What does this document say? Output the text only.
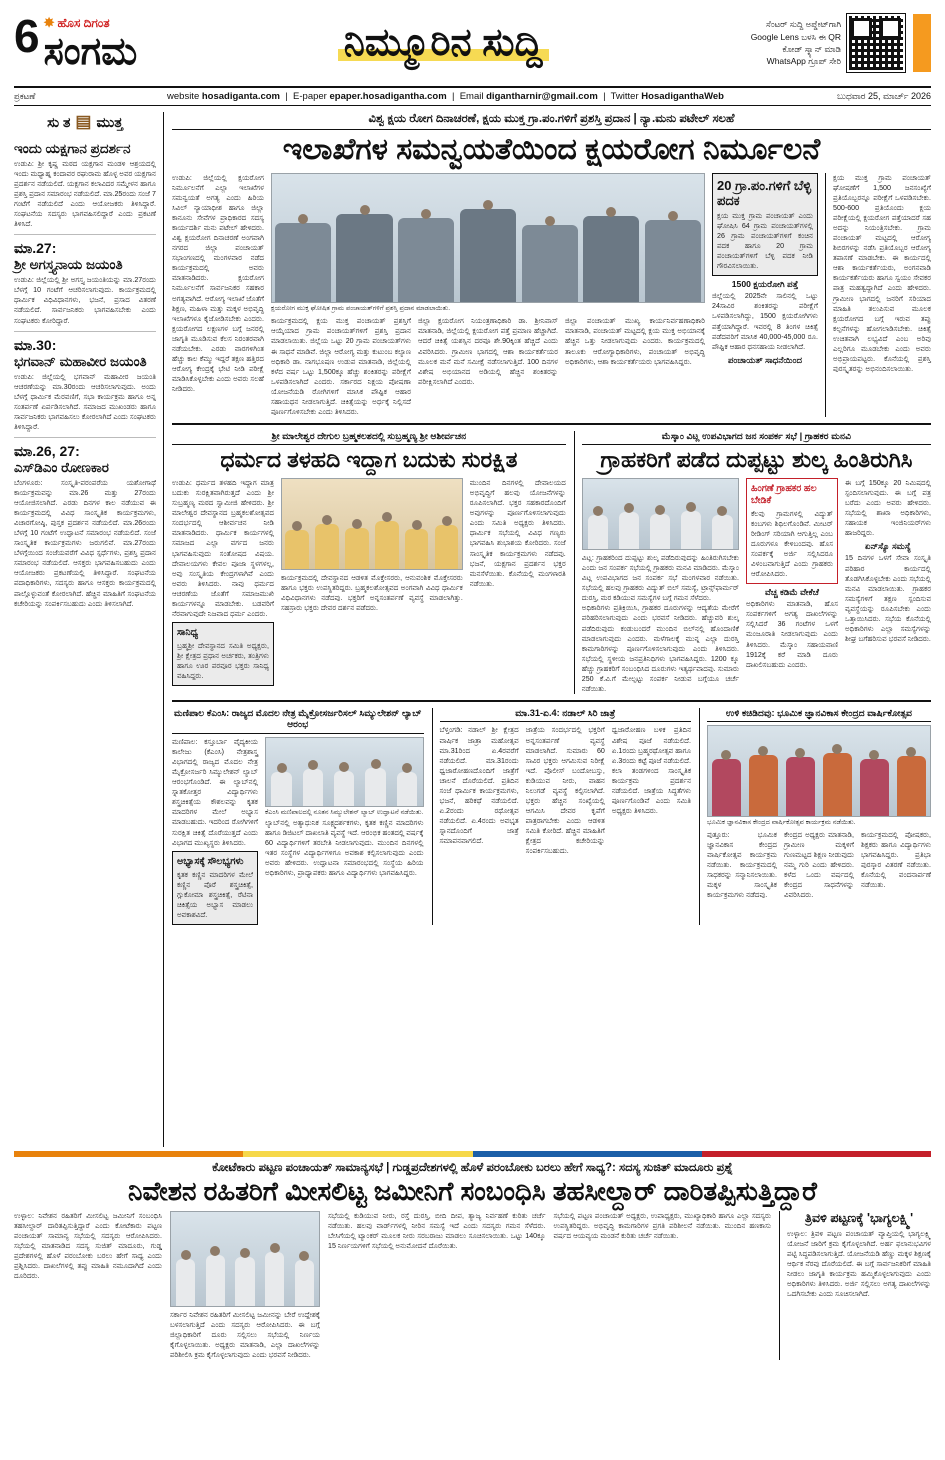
6 ✸ ಹೊಸ ದಿಗಂತ
ಸಂಗಮ	ನಿಮ್ಮೂರಿನ ಸುದ್ದಿ	ಸೆಂಟರ್ ಸುದ್ದಿ ಅಪ್ಡೇಟ್‌ಗಾಗಿ Google Lens ಬಳಸಿ ಈ QR ಕೋಡ್ ಸ್ಕ್ಯಾನ್ ಮಾಡಿ WhatsApp ಗ್ರೂಪ್ ಸೇರಿ
ಪ್ರಕಟಣೆ	website hosadiganta.com  |  E-paper epaper.hosadigantha.com  |  Email digantharnir@gmail.com  |  Twitter HosadiganthaWeb	ಬುಧವಾರ 25, ಮಾರ್ಚ್ 2026
ಸು ತ ▤ ಮುತ್ತ
ಇಂದು ಯಕ್ಷಗಾನ ಪ್ರದರ್ಶನ
ಉಡುಪಿ: ಶ್ರೀ ಕೃಷ್ಣ ಮಠದ ಯಕ್ಷಗಾನ ಮಂಡಳಿ ಆಶ್ರಯದಲ್ಲಿ ಇಂದು ಮಧ್ಯಾಹ್ನ ಕಂದಾವರ ರಘುರಾಮ ಹೊಳ್ಳ ಅವರ ಯಕ್ಷಗಾನ ಪ್ರದರ್ಶನ ನಡೆಯಲಿದೆ. ಯಕ್ಷಗಾನ ಕಲಾವಿದರ ಸಮ್ಮೇಳನ ಹಾಗೂ ಪ್ರಶಸ್ತಿ ಪ್ರದಾನ ಸಮಾರಂಭ ನಡೆಯಲಿದೆ. ಮಾ.25ರಂದು ಸಂಜೆ 7 ಗಂಟೆಗೆ ನಡೆಯಲಿದೆ ಎಂದು ಆಯೋಜಕರು ತಿಳಿಸಿದ್ದಾರೆ. ಸಂಘಟನೆಯ ಸದಸ್ಯರು ಭಾಗವಹಿಸಲಿದ್ದಾರೆ ಎಂದು ಪ್ರಕಟಣೆ ತಿಳಿಸಿದೆ.
ಮಾ.27:
ಶ್ರೀ ಅಗಸ್ತ್ಯನಾಯ ಜಯಂತಿ
ಉಡುಪಿ: ಜಿಲ್ಲೆಯಲ್ಲಿ ಶ್ರೀ ಅಗಸ್ತ್ಯ ಜಯಂತಿಯನ್ನು ಮಾ.27ರಂದು ಬೆಳಗ್ಗೆ 10 ಗಂಟೆಗೆ ಆಚರಿಸಲಾಗುವುದು. ಕಾರ್ಯಕ್ರಮದಲ್ಲಿ ಧಾರ್ಮಿಕ ವಿಧಿವಿಧಾನಗಳು, ಭಜನೆ, ಪ್ರಸಾದ ವಿತರಣೆ ನಡೆಯಲಿದೆ. ಸಾರ್ವಜನಿಕರು ಭಾಗವಹಿಸಬೇಕು ಎಂದು ಸಂಘಟಕರು ಕೋರಿದ್ದಾರೆ.
ಮಾ.30:
ಭಗವಾನ್ ಮಹಾವೀರ ಜಯಂತಿ
ಉಡುಪಿ: ಜಿಲ್ಲೆಯಲ್ಲಿ ಭಗವಾನ್ ಮಹಾವೀರ ಜಯಂತಿ ಆಚರಣೆಯನ್ನು ಮಾ.30ರಂದು ಆಚರಿಸಲಾಗುವುದು. ಅಂದು ಬೆಳಗ್ಗೆ ಧಾರ್ಮಿಕ ಮೆರವಣಿಗೆ, ಸಭಾ ಕಾರ್ಯಕ್ರಮ ಹಾಗೂ ಅನ್ನ ಸಂತರ್ಪಣೆ ಏರ್ಪಡಿಸಲಾಗಿದೆ. ಸಮಾಜದ ಮುಖಂಡರು ಹಾಗೂ ಸಾರ್ವಜನಿಕರು ಭಾಗವಹಿಸಲು ಕೋರಲಾಗಿದೆ ಎಂದು ಸಂಘಟಕರು ತಿಳಿಸಿದ್ದಾರೆ.
ಮಾ.26, 27:
ಎಸ್‌ಡಿಎಂ ರೋಣಕಾರ
ಬೆಂಗಳೂರು: ಸಂಸ್ಕೃತಿ-ಪರಂಪರೆಯ ಯಶೋಗಾಥೆ ಕಾರ್ಯಕ್ರಮವನ್ನು ಮಾ.26 ಮತ್ತು 27ರಂದು ಆಯೋಜಿಸಲಾಗಿದೆ. ಎರಡು ದಿನಗಳ ಕಾಲ ನಡೆಯುವ ಈ ಕಾರ್ಯಕ್ರಮದಲ್ಲಿ ವಿವಿಧ ಸಾಂಸ್ಕೃತಿಕ ಕಾರ್ಯಕ್ರಮಗಳು, ವಿಚಾರಗೋಷ್ಠಿ, ಪುಸ್ತಕ ಪ್ರದರ್ಶನ ನಡೆಯಲಿದೆ. ಮಾ.26ರಂದು ಬೆಳಗ್ಗೆ 10 ಗಂಟೆಗೆ ಉದ್ಘಾಟನೆ ಸಮಾರಂಭ ನಡೆಯಲಿದೆ. ಸಂಜೆ ಸಾಂಸ್ಕೃತಿಕ ಕಾರ್ಯಕ್ರಮಗಳು ಜರುಗಲಿವೆ. ಮಾ.27ರಂದು ಬೆಳಗ್ಗೆಯಿಂದ ಸಂಜೆಯವರೆಗೆ ವಿವಿಧ ಸ್ಪರ್ಧೆಗಳು, ಪ್ರಶಸ್ತಿ ಪ್ರದಾನ ಸಮಾರಂಭ ನಡೆಯಲಿದೆ. ಆಸಕ್ತರು ಭಾಗವಹಿಸಬಹುದು ಎಂದು ಆಯೋಜಕರು ಪ್ರಕಟಣೆಯಲ್ಲಿ ತಿಳಿಸಿದ್ದಾರೆ. ಸಂಘಟನೆಯ ಪದಾಧಿಕಾರಿಗಳು, ಸದಸ್ಯರು ಹಾಗೂ ಆಸಕ್ತರು ಕಾರ್ಯಕ್ರಮದಲ್ಲಿ ಪಾಲ್ಗೊಳ್ಳುವಂತೆ ಕೋರಲಾಗಿದೆ. ಹೆಚ್ಚಿನ ಮಾಹಿತಿಗೆ ಸಂಘಟನೆಯ ಕಚೇರಿಯನ್ನು ಸಂಪರ್ಕಿಸಬಹುದು ಎಂದು ತಿಳಿಸಲಾಗಿದೆ.
ವಿಶ್ವ ಕ್ಷಯ ರೋಗ ದಿನಾಚರಣೆ, ಕ್ಷಯ ಮುಕ್ತ ಗ್ರಾ.ಪಂ.ಗಳಿಗೆ ಪ್ರಶಸ್ತಿ ಪ್ರದಾನ | ನ್ಯಾ.ಮನು ಪಟೇಲ್ ಸಲಹೆ
ಇಲಾಖೆಗಳ ಸಮನ್ವಯತೆಯಿಂದ ಕ್ಷಯರೋಗ ನಿರ್ಮೂಲನೆ
ಉಡುಪಿ: ಜಿಲ್ಲೆಯಲ್ಲಿ ಕ್ಷಯರೋಗ ನಿರ್ಮೂಲನೆಗೆ ಎಲ್ಲಾ ಇಲಾಖೆಗಳ ಸಮನ್ವಯತೆ ಅಗತ್ಯ ಎಂದು ಹಿರಿಯ ಸಿವಿಲ್ ನ್ಯಾಯಾಧೀಶ ಹಾಗೂ ಜಿಲ್ಲಾ ಕಾನೂನು ಸೇವೆಗಳ ಪ್ರಾಧಿಕಾರದ ಸದಸ್ಯ ಕಾರ್ಯದರ್ಶಿ ಮನು ಪಟೇಲ್ ಹೇಳಿದರು. ವಿಶ್ವ ಕ್ಷಯರೋಗ ದಿನಾಚರಣೆ ಅಂಗವಾಗಿ ನಗರದ ಜಿಲ್ಲಾ ಪಂಚಾಯತ್ ಸಭಾಂಗಣದಲ್ಲಿ ಮಂಗಳವಾರ ನಡೆದ ಕಾರ್ಯಕ್ರಮದಲ್ಲಿ ಅವರು ಮಾತನಾಡಿದರು. ಕ್ಷಯರೋಗ ನಿರ್ಮೂಲನೆಗೆ ಸಾರ್ವಜನಿಕರ ಸಹಕಾರ ಅಗತ್ಯವಾಗಿದೆ. ಆರೋಗ್ಯ ಇಲಾಖೆ ಜೊತೆಗೆ ಶಿಕ್ಷಣ, ಮಹಿಳಾ ಮತ್ತು ಮಕ್ಕಳ ಅಭಿವೃದ್ಧಿ ಇಲಾಖೆಗಳೂ ಕೈಜೋಡಿಸಬೇಕು ಎಂದರು. ಕ್ಷಯರೋಗದ ಲಕ್ಷಣಗಳ ಬಗ್ಗೆ ಜನರಲ್ಲಿ ಜಾಗೃತಿ ಮೂಡಿಸುವ ಕೆಲಸ ನಿರಂತರವಾಗಿ ನಡೆಯಬೇಕು. ಎರಡು ವಾರಗಳಿಗಿಂತ ಹೆಚ್ಚು ಕಾಲ ಕೆಮ್ಮು ಇದ್ದರೆ ತಕ್ಷಣ ಹತ್ತಿರದ ಆರೋಗ್ಯ ಕೇಂದ್ರಕ್ಕೆ ಭೇಟಿ ನೀಡಿ ಪರೀಕ್ಷೆ ಮಾಡಿಸಿಕೊಳ್ಳಬೇಕು ಎಂದು ಅವರು ಸಲಹೆ ನೀಡಿದರು.
ಕ್ಷಯರೋಗ ಮುಕ್ತ ಘೋಷಿತ ಗ್ರಾಮ ಪಂಚಾಯತ್‌ಗಳಿಗೆ ಪ್ರಶಸ್ತಿ ಪ್ರದಾನ ಮಾಡಲಾಯಿತು.
ಕಾರ್ಯಕ್ರಮದಲ್ಲಿ ಕ್ಷಯ ಮುಕ್ತ ಪಂಚಾಯತ್ ಪ್ರಶಸ್ತಿಗೆ ಆಯ್ಕೆಯಾದ ಗ್ರಾಮ ಪಂಚಾಯತ್‌ಗಳಿಗೆ ಪ್ರಶಸ್ತಿ ಪ್ರದಾನ ಮಾಡಲಾಯಿತು. ಜಿಲ್ಲೆಯ ಒಟ್ಟು 20 ಗ್ರಾಮ ಪಂಚಾಯತ್‌ಗಳು ಈ ಸಾಧನೆ ಮಾಡಿವೆ. ಜಿಲ್ಲಾ ಆರೋಗ್ಯ ಮತ್ತು ಕುಟುಂಬ ಕಲ್ಯಾಣ ಅಧಿಕಾರಿ ಡಾ. ನಾಗಭೂಷಣ ಉಡುಪ ಮಾತನಾಡಿ, ಜಿಲ್ಲೆಯಲ್ಲಿ ಕಳೆದ ವರ್ಷ ಒಟ್ಟು 1,500ಕ್ಕೂ ಹೆಚ್ಚು ಶಂಕಿತರನ್ನು ಪರೀಕ್ಷೆಗೆ ಒಳಪಡಿಸಲಾಗಿದೆ ಎಂದರು. ಸರ್ಕಾರದ ನಿಕ್ಷಯ ಪೋಷಣಾ ಯೋಜನೆಯಡಿ ರೋಗಿಗಳಿಗೆ ಮಾಸಿಕ ಪೌಷ್ಟಿಕ ಆಹಾರ ಸಹಾಯಧನ ನೀಡಲಾಗುತ್ತಿದೆ. ಚಿಕಿತ್ಸೆಯನ್ನು ಅರ್ಧಕ್ಕೆ ನಿಲ್ಲಿಸದೆ ಪೂರ್ಣಗೊಳಿಸಬೇಕು ಎಂದು ತಿಳಿಸಿದರು.
ಜಿಲ್ಲಾ ಕ್ಷಯರೋಗ ನಿಯಂತ್ರಣಾಧಿಕಾರಿ ಡಾ. ಶ್ರೀನಿವಾಸ್ ಮಾತನಾಡಿ, ಜಿಲ್ಲೆಯಲ್ಲಿ ಕ್ಷಯರೋಗ ಪತ್ತೆ ಪ್ರಮಾಣ ಹೆಚ್ಚಾಗಿದೆ. ಆದರೆ ಚಿಕಿತ್ಸೆ ಯಶಸ್ಸಿನ ದರವೂ ಶೇ.90ಕ್ಕಿಂತ ಹೆಚ್ಚಿದೆ ಎಂದು ವಿವರಿಸಿದರು. ಗ್ರಾಮೀಣ ಭಾಗದಲ್ಲಿ ಆಶಾ ಕಾರ್ಯಕರ್ತೆಯರ ಮೂಲಕ ಮನೆ ಮನೆ ಸಮೀಕ್ಷೆ ನಡೆಸಲಾಗುತ್ತಿದೆ. 100 ದಿನಗಳ ವಿಶೇಷ ಅಭಿಯಾನದ ಅಡಿಯಲ್ಲಿ ಹೆಚ್ಚಿನ ಶಂಕಿತರನ್ನು ಪರೀಕ್ಷಿಸಲಾಗಿದೆ ಎಂದರು.
ಜಿಲ್ಲಾ ಪಂಚಾಯತ್ ಮುಖ್ಯ ಕಾರ್ಯನಿರ್ವಹಣಾಧಿಕಾರಿ ಮಾತನಾಡಿ, ಪಂಚಾಯತ್ ಮಟ್ಟದಲ್ಲಿ ಕ್ಷಯ ಮುಕ್ತ ಅಭಿಯಾನಕ್ಕೆ ಹೆಚ್ಚಿನ ಒತ್ತು ನೀಡಲಾಗುವುದು ಎಂದರು. ಕಾರ್ಯಕ್ರಮದಲ್ಲಿ ತಾಲೂಕು ಆರೋಗ್ಯಾಧಿಕಾರಿಗಳು, ಪಂಚಾಯತ್ ಅಭಿವೃದ್ಧಿ ಅಧಿಕಾರಿಗಳು, ಆಶಾ ಕಾರ್ಯಕರ್ತೆಯರು ಭಾಗವಹಿಸಿದ್ದರು.
20 ಗ್ರಾ.ಪಂ.ಗಳಿಗೆ ಬೆಳ್ಳಿ ಪದಕ
ಕ್ಷಯ ಮುಕ್ತ ಗ್ರಾಮ ಪಂಚಾಯತ್ ಎಂದು ಘೋಷಿಸಿ 64 ಗ್ರಾಮ ಪಂಚಾಯತ್‌ಗಳಲ್ಲಿ 26 ಗ್ರಾಮ ಪಂಚಾಯತ್‌ಗಳಿಗೆ ಕಂಚಿನ ಪದಕ ಹಾಗೂ 20 ಗ್ರಾಮ ಪಂಚಾಯತ್‌ಗಳಿಗೆ ಬೆಳ್ಳಿ ಪದಕ ನೀಡಿ ಗೌರವಿಸಲಾಯಿತು.
1500 ಕ್ಷಯರೋಗಿ ಪತ್ತೆ
ಜಿಲ್ಲೆಯಲ್ಲಿ 2025ನೇ ಸಾಲಿನಲ್ಲಿ ಒಟ್ಟು 24ಸಾವಿರ ಶಂಕಿತರನ್ನು ಪರೀಕ್ಷೆಗೆ ಒಳಪಡಿಸಲಾಗಿದ್ದು, 1500 ಕ್ಷಯರೋಗಿಗಳು ಪತ್ತೆಯಾಗಿದ್ದಾರೆ. ಇವರಲ್ಲಿ 8 ತಿಂಗಳ ಚಿಕಿತ್ಸೆ ಪಡೆದವರಿಗೆ ಮಾಸಿಕ 40,000-45,000 ರೂ. ಪೌಷ್ಟಿಕ ಆಹಾರ ಧನಸಹಾಯ ನೀಡಲಾಗಿದೆ.
ಪಂಚಾಯತ್ ಸಾಧನೆಯಿಂದ
ಕ್ಷಯ ಮುಕ್ತ ಗ್ರಾಮ ಪಂಚಾಯತ್ ಘೋಷಣೆಗೆ 1,500 ಜನಸಂಖ್ಯೆಗೆ ಪ್ರತಿಯೊಬ್ಬರನ್ನೂ ಪರೀಕ್ಷೆಗೆ ಒಳಪಡಿಸಬೇಕು. 500-600 ಪ್ರತಿಯೊಂದು ಕ್ಷಯ ಪರೀಕ್ಷೆಯಲ್ಲಿ ಕ್ಷಯರೋಗ ಪತ್ತೆಯಾದರೆ ಸಹ ಅದನ್ನು ನಿಯಂತ್ರಿಸಬೇಕು. ಗ್ರಾಮ ಪಂಚಾಯತ್ ಮಟ್ಟದಲ್ಲಿ ಆರೋಗ್ಯ ಶಿಬಿರಗಳನ್ನು ನಡೆಸಿ ಪ್ರತಿಯೊಬ್ಬರ ಆರೋಗ್ಯ ತಪಾಸಣೆ ಮಾಡಬೇಕು. ಈ ಕಾರ್ಯದಲ್ಲಿ ಆಶಾ ಕಾರ್ಯಕರ್ತೆಯರು, ಅಂಗನವಾಡಿ ಕಾರ್ಯಕರ್ತೆಯರು ಹಾಗೂ ಸ್ವಯಂ ಸೇವಕರ ಪಾತ್ರ ಮಹತ್ವದ್ದಾಗಿದೆ ಎಂದು ಹೇಳಿದರು. ಗ್ರಾಮೀಣ ಭಾಗದಲ್ಲಿ ಜನರಿಗೆ ಸರಿಯಾದ ಮಾಹಿತಿ ತಲುಪಿಸುವ ಮೂಲಕ ಕ್ಷಯರೋಗದ ಬಗ್ಗೆ ಇರುವ ತಪ್ಪು ಕಲ್ಪನೆಗಳನ್ನು ಹೋಗಲಾಡಿಸಬೇಕು. ಚಿಕಿತ್ಸೆ ಉಚಿತವಾಗಿ ಲಭ್ಯವಿದೆ ಎಂಬ ಅರಿವು ಎಲ್ಲರಿಗೂ ಮೂಡಬೇಕು ಎಂದು ಅವರು ಅಭಿಪ್ರಾಯಪಟ್ಟರು. ಕೊನೆಯಲ್ಲಿ ಪ್ರಶಸ್ತಿ ಪುರಸ್ಕೃತರನ್ನು ಅಭಿನಂದಿಸಲಾಯಿತು.
ಶ್ರೀ ಮಾಲೇಶ್ವರ ದೇಗುಲ ಬ್ರಹ್ಮಕಲಶದಲ್ಲಿ ಸುಬ್ರಹ್ಮಣ್ಯ ಶ್ರೀ ಆಶೀರ್ವಚನ
ಧರ್ಮದ ತಳಹದಿ ಇದ್ದಾಗ ಬದುಕು ಸುರಕ್ಷಿತ
ಉಡುಪಿ: ಧರ್ಮದ ತಳಹದಿ ಇದ್ದಾಗ ಮಾತ್ರ ಬದುಕು ಸುರಕ್ಷಿತವಾಗಿರುತ್ತದೆ ಎಂದು ಶ್ರೀ ಸುಬ್ರಹ್ಮಣ್ಯ ಮಠದ ಸ್ವಾಮೀಜಿ ಹೇಳಿದರು. ಶ್ರೀ ಮಾಲೇಶ್ವರ ದೇವಸ್ಥಾನದ ಬ್ರಹ್ಮಕಲಶೋತ್ಸವದ ಸಂದರ್ಭದಲ್ಲಿ ಆಶೀರ್ವಚನ ನೀಡಿ ಮಾತನಾಡಿದರು. ಧಾರ್ಮಿಕ ಕಾರ್ಯಗಳಲ್ಲಿ ಸಮಾಜದ ಎಲ್ಲಾ ವರ್ಗದ ಜನರು ಭಾಗವಹಿಸುವುದು ಸಂತೋಷದ ವಿಷಯ. ದೇವಾಲಯಗಳು ಕೇವಲ ಪೂಜಾ ಸ್ಥಳಗಳಲ್ಲ, ಅವು ಸಂಸ್ಕೃತಿಯ ಕೇಂದ್ರಗಳಾಗಿವೆ ಎಂದು ಅವರು ತಿಳಿಸಿದರು. ನಾವು ಧರ್ಮದ ಆಚರಣೆಯ ಜೊತೆಗೆ ಸಮಾಜಮುಖಿ ಕಾರ್ಯಗಳನ್ನೂ ಮಾಡಬೇಕು. ಬಡವರಿಗೆ ನೆರವಾಗುವುದೇ ನಿಜವಾದ ಧರ್ಮ ಎಂದರು.
ಸಾನಿಧ್ಯ
ಬ್ರಹ್ಮಶ್ರೀ ದೇವಸ್ಥಾನದ ಸಮಿತಿ ಅಧ್ಯಕ್ಷರು, ಶ್ರೀ ಕ್ಷೇತ್ರದ ಪ್ರಧಾನ ಅರ್ಚಕರು, ತಂತ್ರಿಗಳು ಹಾಗೂ ಊರ ಪರವೂರ ಭಕ್ತರು ಸಾನಿಧ್ಯ ವಹಿಸಿದ್ದರು.
ಕಾರ್ಯಕ್ರಮದಲ್ಲಿ ದೇವಸ್ಥಾನದ ಆಡಳಿತ ಮೊಕ್ತೇಸರರು, ಆನುವಂಶಿಕ ಮೊಕ್ತೇಸರರು ಹಾಗೂ ಭಕ್ತರು ಉಪಸ್ಥಿತರಿದ್ದರು. ಬ್ರಹ್ಮಕಲಶೋತ್ಸವದ ಅಂಗವಾಗಿ ವಿವಿಧ ಧಾರ್ಮಿಕ ವಿಧಿವಿಧಾನಗಳು ನಡೆದವು. ಭಕ್ತರಿಗೆ ಅನ್ನಸಂತರ್ಪಣೆ ವ್ಯವಸ್ಥೆ ಮಾಡಲಾಗಿತ್ತು. ಸಹಸ್ರಾರು ಭಕ್ತರು ದೇವರ ದರ್ಶನ ಪಡೆದರು.
ಮುಂದಿನ ದಿನಗಳಲ್ಲಿ ದೇವಾಲಯದ ಅಭಿವೃದ್ಧಿಗೆ ಹಲವು ಯೋಜನೆಗಳನ್ನು ರೂಪಿಸಲಾಗಿದೆ. ಭಕ್ತರ ಸಹಕಾರದೊಂದಿಗೆ ಅವುಗಳನ್ನು ಪೂರ್ಣಗೊಳಿಸಲಾಗುವುದು ಎಂದು ಸಮಿತಿ ಅಧ್ಯಕ್ಷರು ತಿಳಿಸಿದರು. ಧಾರ್ಮಿಕ ಸಭೆಯಲ್ಲಿ ವಿವಿಧ ಗಣ್ಯರು ಭಾಗವಹಿಸಿ ಶುಭಾಶಯ ಕೋರಿದರು. ಸಂಜೆ ಸಾಂಸ್ಕೃತಿಕ ಕಾರ್ಯಕ್ರಮಗಳು ನಡೆದವು. ಭಜನೆ, ಯಕ್ಷಗಾನ ಪ್ರದರ್ಶನ ಭಕ್ತರ ಮನಸೆಳೆಯಿತು. ಕೊನೆಯಲ್ಲಿ ಮಂಗಳಾರತಿ ನಡೆಯಿತು.
ಮೆಸ್ಕಾಂ ವಿಟ್ಲ ಉಪವಿಭಾಗದ ಜನ ಸಂಪರ್ಕ ಸಭೆ | ಗ್ರಾಹಕರ ಮನವಿ
ಗ್ರಾಹಕರಿಗೆ ಪಡೆದ ದುಪ್ಪಟ್ಟು ಶುಲ್ಕ ಹಿಂತಿರುಗಿಸಿ
ವಿಟ್ಲ: ಗ್ರಾಹಕರಿಂದ ದುಪ್ಪಟ್ಟು ಶುಲ್ಕ ಪಡೆದಿರುವುದನ್ನು ಹಿಂತಿರುಗಿಸಬೇಕು ಎಂದು ಜನ ಸಂಪರ್ಕ ಸಭೆಯಲ್ಲಿ ಗ್ರಾಹಕರು ಮನವಿ ಮಾಡಿದರು. ಮೆಸ್ಕಾಂ ವಿಟ್ಲ ಉಪವಿಭಾಗದ ಜನ ಸಂಪರ್ಕ ಸಭೆ ಮಂಗಳವಾರ ನಡೆಯಿತು. ಸಭೆಯಲ್ಲಿ ಹಲವು ಗ್ರಾಹಕರು ವಿದ್ಯುತ್ ಬಿಲ್ ಸಮಸ್ಯೆ, ಟ್ರಾನ್ಸ್‌ಫಾರ್ಮರ್ ದುರಸ್ತಿ, ಮರ ಕಡಿಯುವ ಸಮಸ್ಯೆಗಳ ಬಗ್ಗೆ ಗಮನ ಸೆಳೆದರು.
ಅಧಿಕಾರಿಗಳು ಪ್ರತಿಕ್ರಿಯಿಸಿ, ಗ್ರಾಹಕರ ದೂರುಗಳನ್ನು ಆದ್ಯತೆಯ ಮೇರೆಗೆ ಪರಿಹರಿಸಲಾಗುವುದು ಎಂದು ಭರವಸೆ ನೀಡಿದರು. ಹೆಚ್ಚುವರಿ ಶುಲ್ಕ ಪಡೆದಿರುವುದು ಕಂಡುಬಂದರೆ ಮುಂದಿನ ಬಿಲ್‌ನಲ್ಲಿ ಹೊಂದಾಣಿಕೆ ಮಾಡಲಾಗುವುದು ಎಂದರು. ಮಳೆಗಾಲಕ್ಕೆ ಮುನ್ನ ಎಲ್ಲಾ ದುರಸ್ತಿ ಕಾಮಗಾರಿಗಳನ್ನು ಪೂರ್ಣಗೊಳಿಸಲಾಗುವುದು ಎಂದು ತಿಳಿಸಿದರು. ಸಭೆಯಲ್ಲಿ ಸ್ಥಳೀಯ ಜನಪ್ರತಿನಿಧಿಗಳು ಭಾಗವಹಿಸಿದ್ದರು. 1200 ಕ್ಕೂ ಹೆಚ್ಚು ಗ್ರಾಹಕರಿಗೆ ಸಂಬಂಧಿಸಿದ ದೂರುಗಳು ಇತ್ಯರ್ಥವಾದವು. ಸುಮಾರು 250 ಕೆ.ವಿ.ಗೆ ಮೇಲ್ಪಟ್ಟು ಸಂಪರ್ಕ ನೀಡುವ ಬಗ್ಗೆಯೂ ಚರ್ಚೆ ನಡೆಯಿತು.
ಹಿಂಗಣೆ ಗ್ರಾಹಕರ ಹಲ ಬೇಡಿಕೆ
ಕೆಲವು ಗ್ರಾಮಗಳಲ್ಲಿ ವಿದ್ಯುತ್ ಕಂಬಗಳು ಶಿಥಿಲಗೊಂಡಿವೆ. ಮೀಟರ್ ರೀಡಿಂಗ್ ಸರಿಯಾಗಿ ಆಗುತ್ತಿಲ್ಲ ಎಂಬ ದೂರುಗಳೂ ಕೇಳಿಬಂದವು. ಹೊಸ ಸಂಪರ್ಕಕ್ಕೆ ಅರ್ಜಿ ಸಲ್ಲಿಸಿದರೂ ವಿಳಂಬವಾಗುತ್ತಿದೆ ಎಂದು ಗ್ರಾಹಕರು ಆರೋಪಿಸಿದರು.
ವೆಚ್ಚ ಕಡಿಮೆ ವೇಕೆಚೆ
ಅಧಿಕಾರಿಗಳು ಮಾತನಾಡಿ, ಹೊಸ ಸಂಪರ್ಕಗಳಿಗೆ ಅಗತ್ಯ ದಾಖಲೆಗಳನ್ನು ಸಲ್ಲಿಸಿದರೆ 36 ಗಂಟೆಗಳ ಒಳಗೆ ಮಂಜೂರಾತಿ ನೀಡಲಾಗುವುದು ಎಂದು ತಿಳಿಸಿದರು. ಮೆಸ್ಕಾಂ ಸಹಾಯವಾಣಿ 1912ಕ್ಕೆ ಕರೆ ಮಾಡಿ ದೂರು ದಾಖಲಿಸಬಹುದು ಎಂದರು.
ಈ ಬಗ್ಗೆ 150ಕ್ಕೂ 20 ನಿಮಿಷದಲ್ಲಿ ಸ್ಪಂದಿಸಲಾಗುವುದು. ಈ ಬಗ್ಗೆ ಪತ್ರ ಬರೆದು ಎಂದು ಅವರು ಹೇಳಿದರು. ಸಭೆಯಲ್ಲಿ ಶಾಖಾ ಅಧಿಕಾರಿಗಳು, ಸಹಾಯಕ ಇಂಜಿನಿಯರ್‌ಗಳು ಹಾಜರಿದ್ದರು.
ಏನ್‌ಸ್ಯೊ ಸಮಸ್ಯೆ
15 ದಿನಗಳ ಒಳಗೆ ಸೇವಾ ಸಂಸ್ಕೃತಿ ಪರಿಹಾರ ಕಾರ್ಯದಲ್ಲಿ ತೊಡಗಿಸಿಕೊಳ್ಳಬೇಕು ಎಂದು ಸಭೆಯಲ್ಲಿ ಮನವಿ ಮಾಡಲಾಯಿತು. ಗ್ರಾಹಕರ ಸಮಸ್ಯೆಗಳಿಗೆ ತಕ್ಷಣ ಸ್ಪಂದಿಸುವ ವ್ಯವಸ್ಥೆಯನ್ನು ರೂಪಿಸಬೇಕು ಎಂದು ಒತ್ತಾಯಿಸಿದರು. ಸಭೆಯ ಕೊನೆಯಲ್ಲಿ ಅಧಿಕಾರಿಗಳು ಎಲ್ಲಾ ಸಮಸ್ಯೆಗಳನ್ನು ಶೀಘ್ರ ಬಗೆಹರಿಸುವ ಭರವಸೆ ನೀಡಿದರು.
ಮಣಿಪಾಲ ಕೆಎಂಸಿ: ರಾಜ್ಯದ ಮೊದಲ ನೇತ್ರ ಮೈಕ್ರೋಸರ್ಜರಿಸಲ್ ಸಿಮ್ಯುಲೇಶನ್ ಲ್ಯಾಬ್ ಆರಂಭ
ಮಣಿಪಾಲ: ಕಸ್ತೂರ್ಬಾ ವೈದ್ಯಕೀಯ ಕಾಲೇಜು (ಕೆಎಂಸಿ) ನೇತ್ರಶಾಸ್ತ್ರ ವಿಭಾಗದಲ್ಲಿ ರಾಜ್ಯದ ಮೊದಲ ನೇತ್ರ ಮೈಕ್ರೋಸರ್ಜರಿ ಸಿಮ್ಯುಲೇಶನ್ ಲ್ಯಾಬ್ ಆರಂಭಗೊಂಡಿದೆ. ಈ ಲ್ಯಾಬ್‌ನಲ್ಲಿ ಸ್ನಾತಕೋತ್ತರ ವಿದ್ಯಾರ್ಥಿಗಳು ಶಸ್ತ್ರಚಿಕಿತ್ಸೆಯ ಕೌಶಲವನ್ನು ಕೃತಕ ಮಾದರಿಗಳ ಮೇಲೆ ಅಭ್ಯಾಸ ಮಾಡಬಹುದು. ಇದರಿಂದ ರೋಗಿಗಳಿಗೆ ಸುರಕ್ಷಿತ ಚಿಕಿತ್ಸೆ ದೊರೆಯುತ್ತದೆ ಎಂದು ವಿಭಾಗದ ಮುಖ್ಯಸ್ಥರು ತಿಳಿಸಿದರು.
ಅಭ್ಯಾಸಕ್ಕೆ ಸೌಲಭ್ಯಗಳು
ಕೃತಕ ಕಣ್ಣಿನ ಮಾದರಿಗಳ ಮೇಲೆ ಕಣ್ಣಿನ ಪೊರೆ ಶಸ್ತ್ರಚಿಕಿತ್ಸೆ, ಗ್ಲುಕೋಮಾ ಶಸ್ತ್ರಚಿಕಿತ್ಸೆ, ರೆಟಿನಾ ಚಿಕಿತ್ಸೆಯ ಅಭ್ಯಾಸ ಮಾಡಲು ಅವಕಾಶವಿದೆ.
ಕೆಎಂಸಿ ಮಣಿಪಾಲದಲ್ಲಿ ನೂತನ ಸಿಮ್ಯುಲೇಶನ್ ಲ್ಯಾಬ್ ಉದ್ಘಾಟನೆ ನಡೆಯಿತು.
ಲ್ಯಾಬ್‌ನಲ್ಲಿ ಅತ್ಯಾಧುನಿಕ ಸೂಕ್ಷ್ಮದರ್ಶಕಗಳು, ಕೃತಕ ಕಣ್ಣಿನ ಮಾದರಿಗಳು ಹಾಗೂ ಡಿಜಿಟಲ್ ದಾಖಲಾತಿ ವ್ಯವಸ್ಥೆ ಇದೆ. ಆರಂಭಿಕ ಹಂತದಲ್ಲಿ ವರ್ಷಕ್ಕೆ 60 ವಿದ್ಯಾರ್ಥಿಗಳಿಗೆ ತರಬೇತಿ ನೀಡಲಾಗುವುದು. ಮುಂದಿನ ದಿನಗಳಲ್ಲಿ ಇತರ ಸಂಸ್ಥೆಗಳ ವಿದ್ಯಾರ್ಥಿಗಳಿಗೂ ಅವಕಾಶ ಕಲ್ಪಿಸಲಾಗುವುದು ಎಂದು ಅವರು ಹೇಳಿದರು. ಉದ್ಘಾಟನಾ ಸಮಾರಂಭದಲ್ಲಿ ಸಂಸ್ಥೆಯ ಹಿರಿಯ ಅಧಿಕಾರಿಗಳು, ಪ್ರಾಧ್ಯಾಪಕರು ಹಾಗೂ ವಿದ್ಯಾರ್ಥಿಗಳು ಭಾಗವಹಿಸಿದ್ದರು.
ಮಾ.31-ಏ.4: ನಡಾಲ್ ಸಿರಿ ಜಾತ್ರೆ
ಬೆಳ್ತಂಗಡಿ: ನಡಾಲ್ ಶ್ರೀ ಕ್ಷೇತ್ರದ ವಾರ್ಷಿಕ ಜಾತ್ರಾ ಮಹೋತ್ಸವ ಮಾ.31ರಿಂದ ಏ.4ರವರೆಗೆ ನಡೆಯಲಿದೆ. ಮಾ.31ರಂದು ಧ್ವಜಾರೋಹಣದೊಂದಿಗೆ ಜಾತ್ರೆಗೆ ಚಾಲನೆ ದೊರೆಯಲಿದೆ. ಪ್ರತಿದಿನ ಸಂಜೆ ಧಾರ್ಮಿಕ ಕಾರ್ಯಕ್ರಮಗಳು, ಭಜನೆ, ಹರಿಕಥೆ ನಡೆಯಲಿದೆ. ಏ.2ರಂದು ರಥೋತ್ಸವ ನಡೆಯಲಿದೆ. ಏ.4ರಂದು ಅವಭೃತ ಸ್ನಾನದೊಂದಿಗೆ ಜಾತ್ರೆ ಸಮಾಪನವಾಗಲಿದೆ.
ಜಾತ್ರೆಯ ಸಂದರ್ಭದಲ್ಲಿ ಭಕ್ತರಿಗೆ ಅನ್ನಸಂತರ್ಪಣೆ ವ್ಯವಸ್ಥೆ ಮಾಡಲಾಗಿದೆ. ಸುಮಾರು 60 ಸಾವಿರ ಭಕ್ತರು ಆಗಮಿಸುವ ನಿರೀಕ್ಷೆ ಇದೆ. ಪೊಲೀಸ್ ಬಂದೋಬಸ್ತು, ಕುಡಿಯುವ ನೀರು, ವಾಹನ ನಿಲುಗಡೆ ವ್ಯವಸ್ಥೆ ಕಲ್ಪಿಸಲಾಗಿದೆ. ಭಕ್ತರು ಹೆಚ್ಚಿನ ಸಂಖ್ಯೆಯಲ್ಲಿ ಆಗಮಿಸಿ ದೇವರ ಕೃಪೆಗೆ ಪಾತ್ರರಾಗಬೇಕು ಎಂದು ಆಡಳಿತ ಸಮಿತಿ ಕೋರಿದೆ. ಹೆಚ್ಚಿನ ಮಾಹಿತಿಗೆ ಕ್ಷೇತ್ರದ ಕಚೇರಿಯನ್ನು ಸಂಪರ್ಕಿಸಬಹುದು.
ಧ್ವಜಾರೋಹಣ ಬಳಿಕ ಪ್ರತಿದಿನ ವಿಶೇಷ ಪೂಜೆ ನಡೆಯಲಿದೆ. ಏ.1ರಂದು ಬ್ರಹ್ಮರಥೋತ್ಸವ ಹಾಗೂ ಏ.3ರಂದು ಕಟ್ಟೆ ಪೂಜೆ ನಡೆಯಲಿದೆ. ಕಲಾ ತಂಡಗಳಿಂದ ಸಾಂಸ್ಕೃತಿಕ ಕಾರ್ಯಕ್ರಮ ಪ್ರದರ್ಶನ ನಡೆಯಲಿದೆ. ಜಾತ್ರೆಯ ಸಿದ್ಧತೆಗಳು ಪೂರ್ಣಗೊಂಡಿವೆ ಎಂದು ಸಮಿತಿ ಅಧ್ಯಕ್ಷರು ತಿಳಿಸಿದರು.
ಉಳಿ ಕಚಿಡಿದವು: ಭೂಮಿಕ ಜ್ಞಾನವಿಕಾಸ ಕೇಂದ್ರದ ವಾರ್ಷಿಕೋತ್ಸವ
ಭೂಮಿಕ ಜ್ಞಾನವಿಕಾಸ ಕೇಂದ್ರದ ವಾರ್ಷಿಕೋತ್ಸವ ಕಾರ್ಯಕ್ರಮ ನಡೆಯಿತು.
ಪುತ್ತೂರು: ಭೂಮಿಕ ಜ್ಞಾನವಿಕಾಸ ಕೇಂದ್ರದ ವಾರ್ಷಿಕೋತ್ಸವ ಕಾರ್ಯಕ್ರಮ ನಡೆಯಿತು. ಕಾರ್ಯಕ್ರಮದಲ್ಲಿ ಸಾಧಕರನ್ನು ಸನ್ಮಾನಿಸಲಾಯಿತು. ಮಕ್ಕಳ ಸಾಂಸ್ಕೃತಿಕ ಕಾರ್ಯಕ್ರಮಗಳು ನಡೆದವು.
ಕೇಂದ್ರದ ಅಧ್ಯಕ್ಷರು ಮಾತನಾಡಿ, ಗ್ರಾಮೀಣ ಮಕ್ಕಳಿಗೆ ಗುಣಮಟ್ಟದ ಶಿಕ್ಷಣ ನೀಡುವುದು ನಮ್ಮ ಗುರಿ ಎಂದು ಹೇಳಿದರು. ಕಳೆದ ಒಂದು ವರ್ಷದಲ್ಲಿ ಕೇಂದ್ರದ ಸಾಧನೆಗಳನ್ನು ವಿವರಿಸಿದರು.
ಕಾರ್ಯಕ್ರಮದಲ್ಲಿ ಪೋಷಕರು, ಶಿಕ್ಷಕರು ಹಾಗೂ ವಿದ್ಯಾರ್ಥಿಗಳು ಭಾಗವಹಿಸಿದ್ದರು. ಪ್ರತಿಭಾ ಪುರಸ್ಕಾರ ವಿತರಣೆ ನಡೆಯಿತು. ಕೊನೆಯಲ್ಲಿ ವಂದನಾರ್ಪಣೆ ನಡೆಯಿತು.
ಕೋಟೆಕಾರು ಪಟ್ಟಣ ಪಂಚಾಯತ್ ಸಾಮಾನ್ಯಸಭೆ | ಗುಡ್ಡಪ್ರದೇಶಗಳಲ್ಲಿ ಹೊಳೆ ಪರಂಬೋಕು ಬರಲು ಹೇಗೆ ಸಾಧ್ಯ?: ಸದಸ್ಯ ಸುಜಿತ್ ಮಾದೂರು ಪ್ರಶ್ನೆ
ನಿವೇಶನ ರಹಿತರಿಗೆ ಮೀಸಲಿಟ್ಟ ಜಮೀನಿಗೆ ಸಂಬಂಧಿಸಿ ತಹಸೀಲ್ದಾರ್ ದಾರಿತಪ್ಪಿಸುತ್ತಿದ್ದಾರೆ
ಉಳ್ಳಾಲ: ನಿವೇಶನ ರಹಿತರಿಗೆ ಮೀಸಲಿಟ್ಟ ಜಮೀನಿಗೆ ಸಂಬಂಧಿಸಿ ತಹಸೀಲ್ದಾರ್ ದಾರಿತಪ್ಪಿಸುತ್ತಿದ್ದಾರೆ ಎಂದು ಕೋಟೆಕಾರು ಪಟ್ಟಣ ಪಂಚಾಯತ್ ಸಾಮಾನ್ಯ ಸಭೆಯಲ್ಲಿ ಸದಸ್ಯರು ಆರೋಪಿಸಿದರು. ಸಭೆಯಲ್ಲಿ ಮಾತನಾಡಿದ ಸದಸ್ಯ ಸುಜಿತ್ ಮಾದೂರು, ಗುಡ್ಡ ಪ್ರದೇಶಗಳಲ್ಲಿ ಹೊಳೆ ಪರಂಬೋಕು ಬರಲು ಹೇಗೆ ಸಾಧ್ಯ ಎಂದು ಪ್ರಶ್ನಿಸಿದರು. ದಾಖಲೆಗಳಲ್ಲಿ ತಪ್ಪು ಮಾಹಿತಿ ನಮೂದಾಗಿದೆ ಎಂದು ದೂರಿದರು.
ಸರ್ಕಾರ ನಿವೇಶನ ರಹಿತರಿಗೆ ಮೀಸಲಿಟ್ಟ ಜಮೀನನ್ನು ಬೇರೆ ಉದ್ದೇಶಕ್ಕೆ ಬಳಸಲಾಗುತ್ತಿದೆ ಎಂದು ಸದಸ್ಯರು ಆರೋಪಿಸಿದರು. ಈ ಬಗ್ಗೆ ಜಿಲ್ಲಾಧಿಕಾರಿಗೆ ದೂರು ಸಲ್ಲಿಸಲು ಸಭೆಯಲ್ಲಿ ನಿರ್ಣಯ ಕೈಗೊಳ್ಳಲಾಯಿತು. ಅಧ್ಯಕ್ಷರು ಮಾತನಾಡಿ, ಎಲ್ಲಾ ದಾಖಲೆಗಳನ್ನು ಪರಿಶೀಲಿಸಿ ಕ್ರಮ ಕೈಗೊಳ್ಳಲಾಗುವುದು ಎಂದು ಭರವಸೆ ನೀಡಿದರು.
ಸಭೆಯಲ್ಲಿ ಕುಡಿಯುವ ನೀರು, ರಸ್ತೆ ದುರಸ್ತಿ, ಬೀದಿ ದೀಪ, ತ್ಯಾಜ್ಯ ನಿರ್ವಹಣೆ ಕುರಿತು ಚರ್ಚೆ ನಡೆಯಿತು. ಹಲವು ವಾರ್ಡ್‌ಗಳಲ್ಲಿ ನೀರಿನ ಸಮಸ್ಯೆ ಇದೆ ಎಂದು ಸದಸ್ಯರು ಗಮನ ಸೆಳೆದರು. ಬೇಸಿಗೆಯಲ್ಲಿ ಟ್ಯಾಂಕರ್ ಮೂಲಕ ನೀರು ಸರಬರಾಜು ಮಾಡಲು ಸೂಚಿಸಲಾಯಿತು. ಒಟ್ಟು 140ಕ್ಕೂ 15 ನಿರ್ಣಯಗಳಿಗೆ ಸಭೆಯಲ್ಲಿ ಅನುಮೋದನೆ ದೊರೆಯಿತು.
ಸಭೆಯಲ್ಲಿ ಪಟ್ಟಣ ಪಂಚಾಯತ್ ಅಧ್ಯಕ್ಷರು, ಉಪಾಧ್ಯಕ್ಷರು, ಮುಖ್ಯಾಧಿಕಾರಿ ಹಾಗೂ ಎಲ್ಲಾ ಸದಸ್ಯರು ಉಪಸ್ಥಿತರಿದ್ದರು. ಅಭಿವೃದ್ಧಿ ಕಾಮಗಾರಿಗಳ ಪ್ರಗತಿ ಪರಿಶೀಲನೆ ನಡೆಯಿತು. ಮುಂದಿನ ಹಣಕಾಸು ವರ್ಷದ ಆಯವ್ಯಯ ಮಂಡನೆ ಕುರಿತು ಚರ್ಚೆ ನಡೆಯಿತು.
ತ್ರಿವಳಿ ಪಟ್ಟಣಕ್ಕೆ 'ಭಾಗ್ಯಲಕ್ಷ್ಮಿ'
ಉಳ್ಳಾಲ: ತ್ರಿವಳಿ ಪಟ್ಟಣ ಪಂಚಾಯತ್ ವ್ಯಾಪ್ತಿಯಲ್ಲಿ ಭಾಗ್ಯಲಕ್ಷ್ಮಿ ಯೋಜನೆ ಜಾರಿಗೆ ಕ್ರಮ ಕೈಗೊಳ್ಳಲಾಗಿದೆ. ಅರ್ಹ ಫಲಾನುಭವಿಗಳ ಪಟ್ಟಿ ಸಿದ್ಧಪಡಿಸಲಾಗುತ್ತಿದೆ. ಯೋಜನೆಯಡಿ ಹೆಣ್ಣು ಮಕ್ಕಳ ಶಿಕ್ಷಣಕ್ಕೆ ಆರ್ಥಿಕ ನೆರವು ದೊರೆಯಲಿದೆ. ಈ ಬಗ್ಗೆ ಸಾರ್ವಜನಿಕರಿಗೆ ಮಾಹಿತಿ ನೀಡಲು ಜಾಗೃತಿ ಕಾರ್ಯಕ್ರಮ ಹಮ್ಮಿಕೊಳ್ಳಲಾಗುವುದು ಎಂದು ಅಧಿಕಾರಿಗಳು ತಿಳಿಸಿದರು. ಅರ್ಜಿ ಸಲ್ಲಿಸಲು ಅಗತ್ಯ ದಾಖಲೆಗಳನ್ನು ಒದಗಿಸಬೇಕು ಎಂದು ಸೂಚಿಸಲಾಗಿದೆ.
